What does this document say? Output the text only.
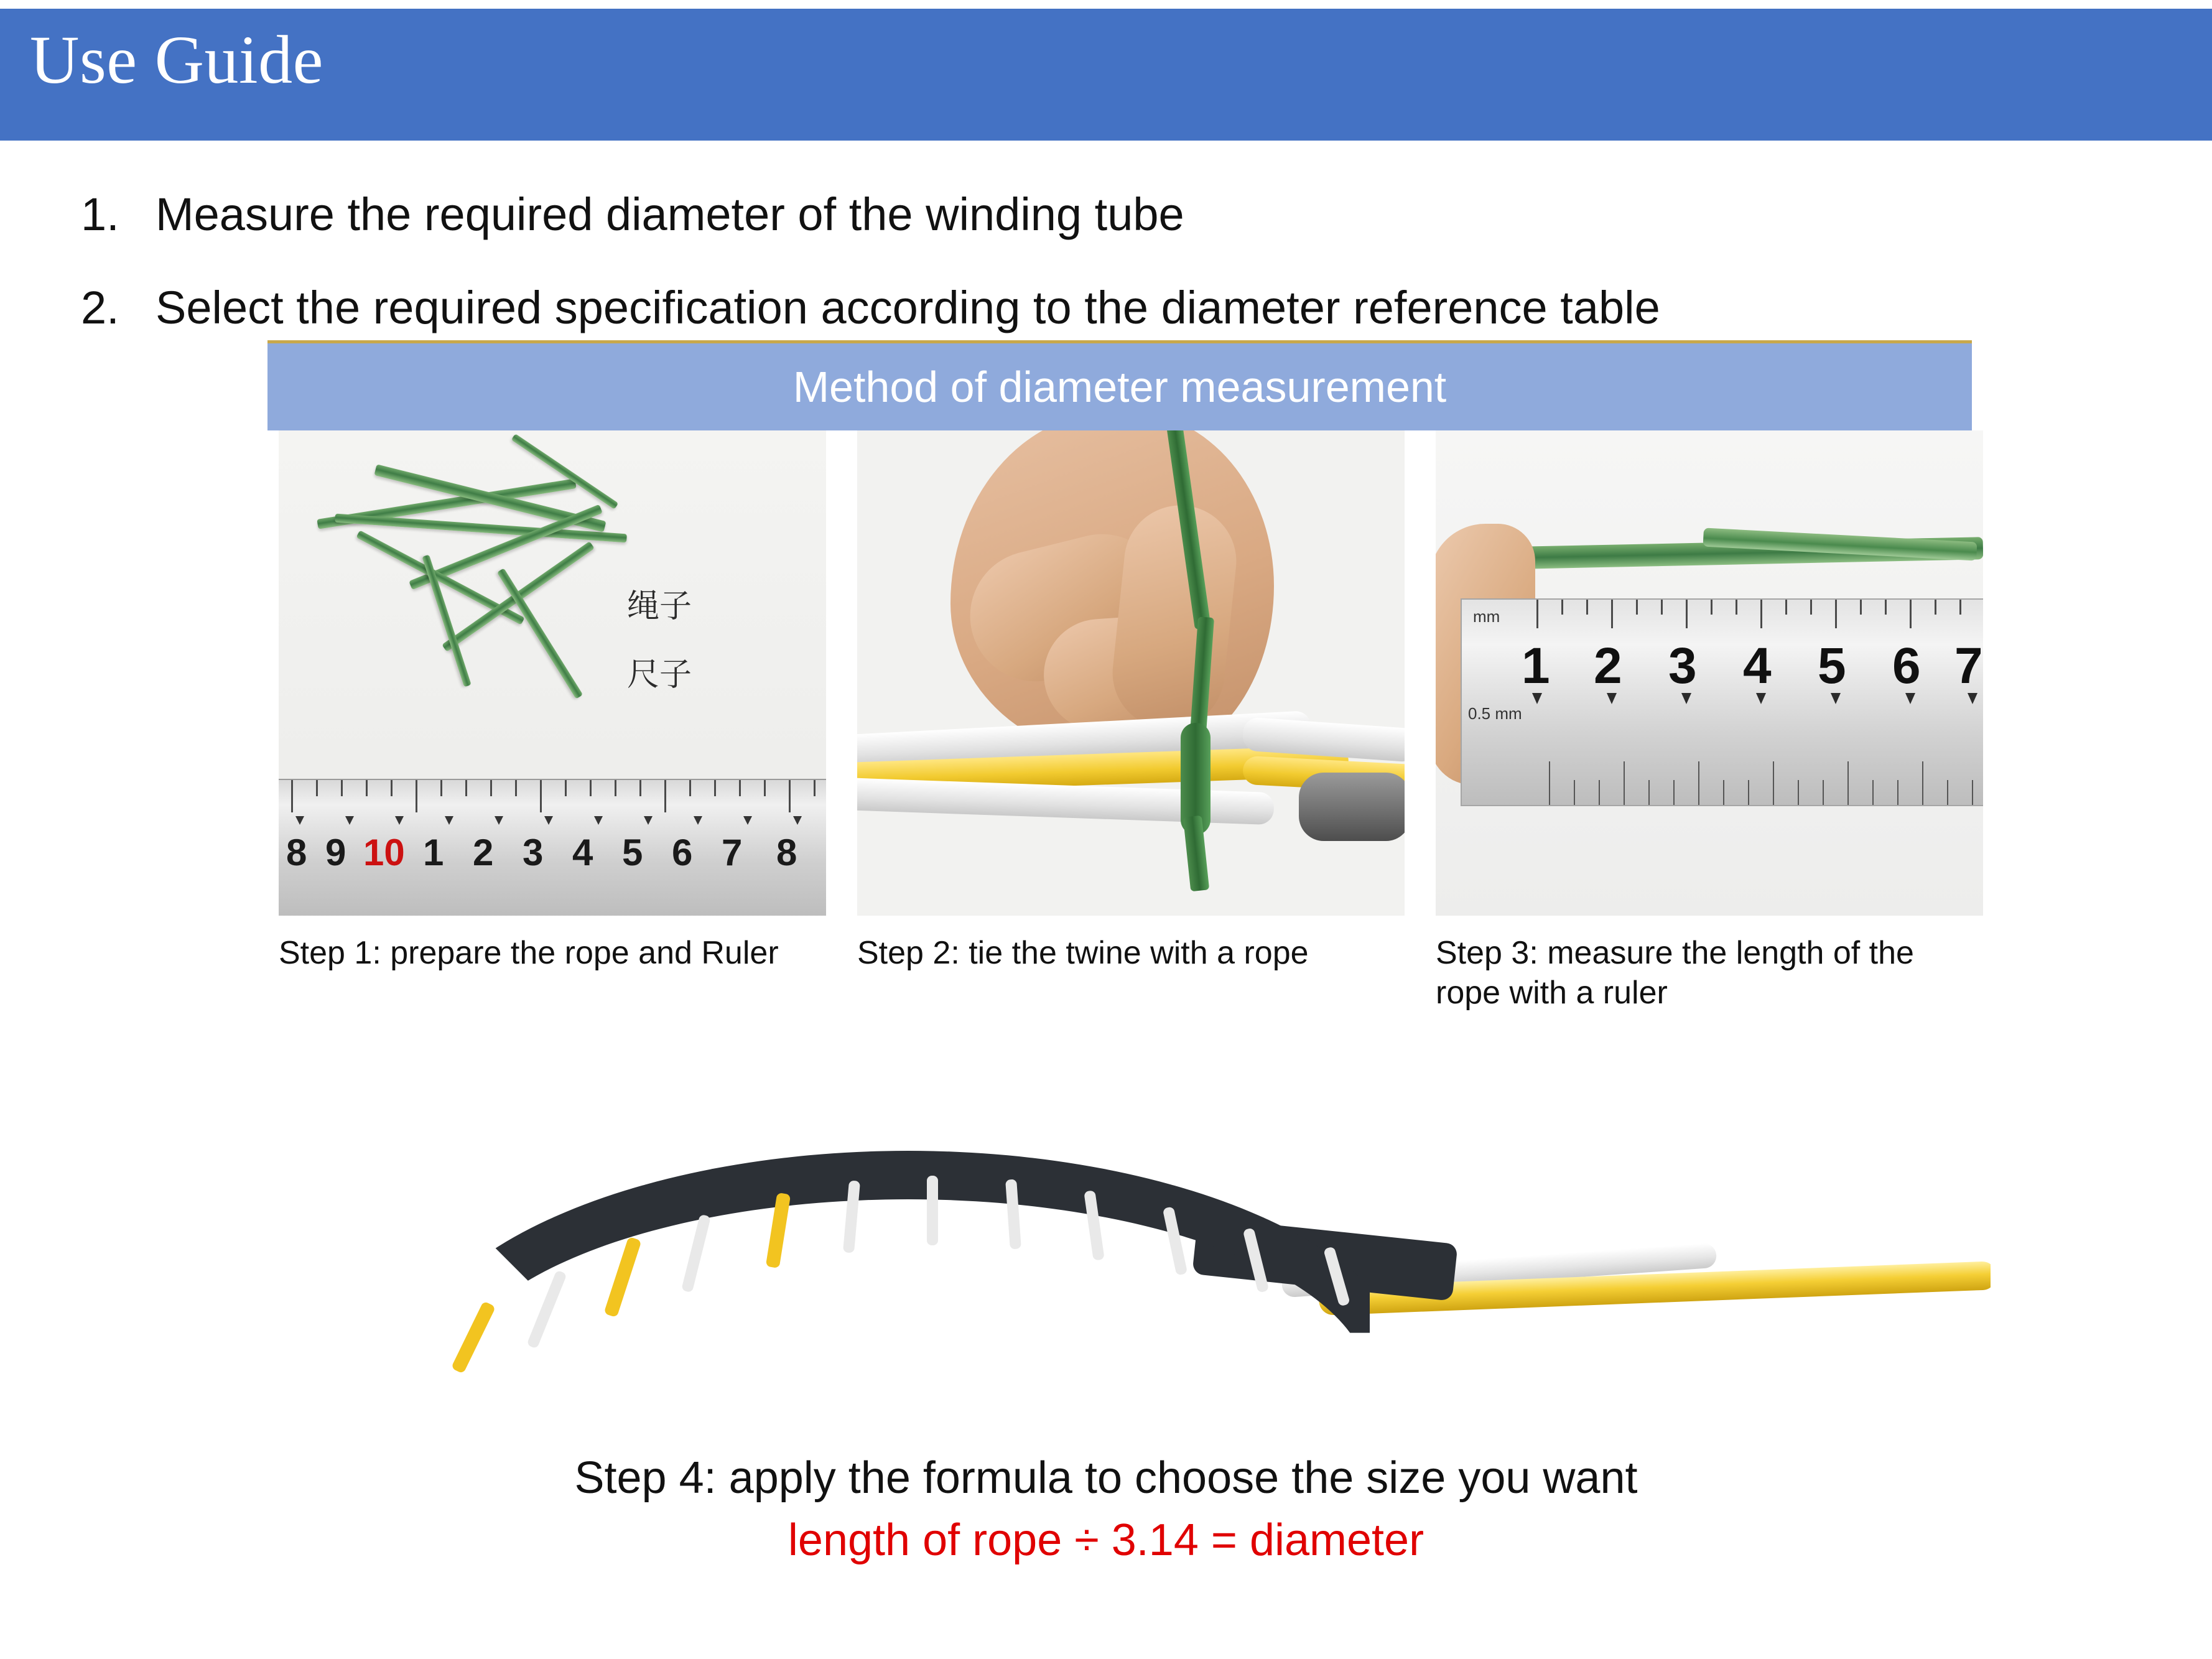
Use Guide
1. Measure the required diameter of the winding tube
2. Select the required specification according to the diameter reference table
Method of diameter measurement
绳子
尺子
8 9 10 1 2 3 4 5 6 7 8
mm
0.5 mm
1 2 3 4 5 6 7
Step 1: prepare the rope and Ruler	Step 2: tie the twine with a rope	Step 3: measure the length of the rope with a ruler
Step 4: apply the formula to choose the size you want
length of rope ÷ 3.14 = diameter
